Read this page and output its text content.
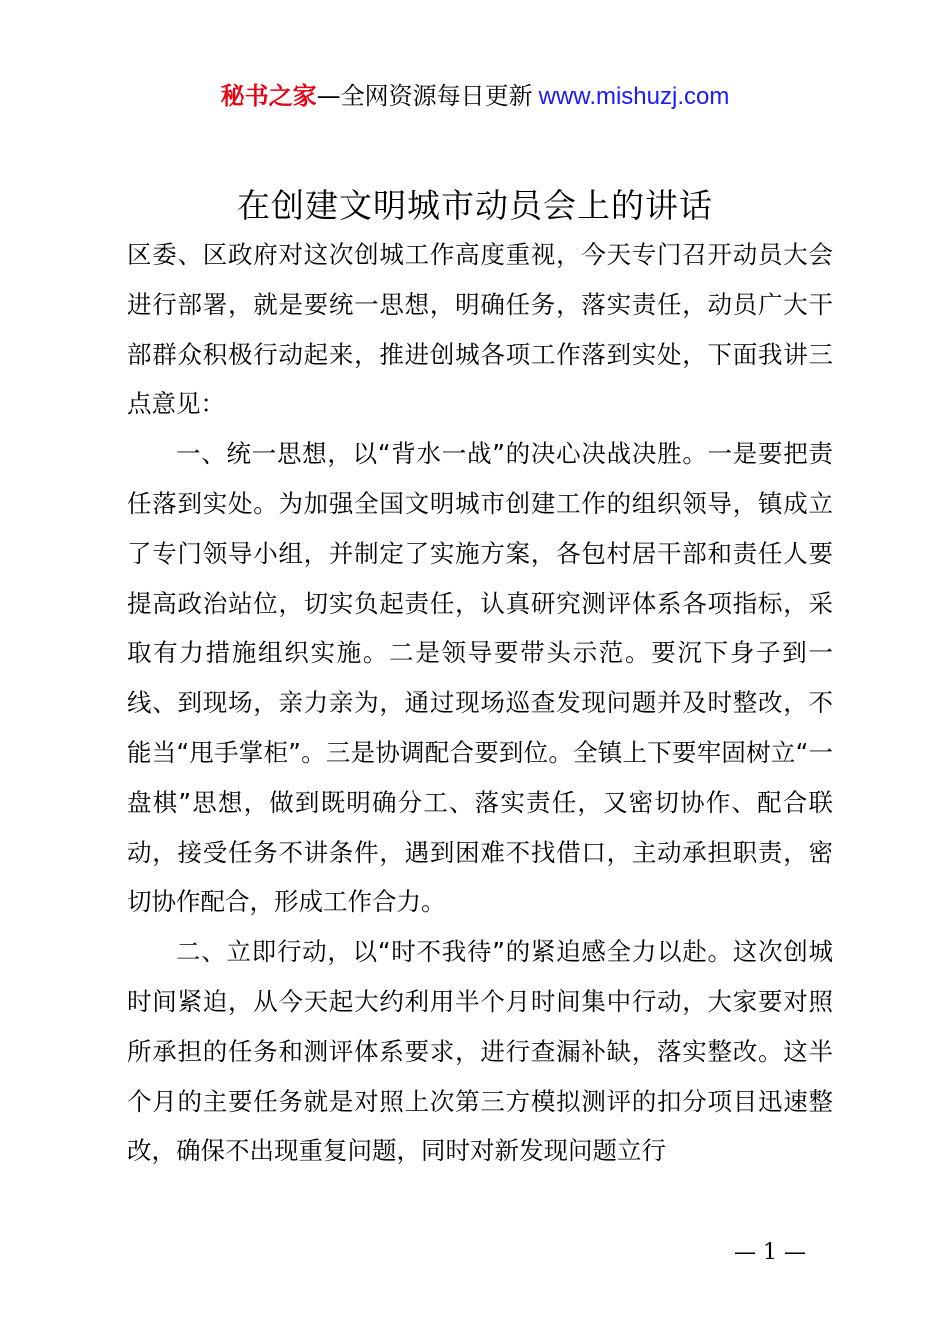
秘书之家—全网资源每日更新 www.mishuzj.com
在创建文明城市动员会上的讲话

区委、区政府对这次创城工作高度重视，今天专门召开动员大会进行部署，就是要统一思想，明确任务，落实责任，动员广大干部群众积极行动起来，推进创城各项工作落到实处，下面我讲三点意见：

一、统一思想，以“背水一战”的决心决战决胜。一是要把责任落到实处。为加强全国文明城市创建工作的组织领导，镇成立了专门领导小组，并制定了实施方案，各包村居干部和责任人要提高政治站位，切实负起责任，认真研究测评体系各项指标，采取有力措施组织实施。二是领导要带头示范。要沉下身子到一线、到现场，亲力亲为，通过现场巡查发现问题并及时整改，不能当“甩手掌柜”。三是协调配合要到位。全镇上下要牢固树立“一盘棋”思想，做到既明确分工、落实责任，又密切协作、配合联动，接受任务不讲条件，遇到困难不找借口，主动承担职责，密切协作配合，形成工作合力。

二、立即行动，以“时不我待”的紧迫感全力以赴。这次创城时间紧迫，从今天起大约利用半个月时间集中行动，大家要对照所承担的任务和测评体系要求，进行查漏补缺，落实整改。这半个月的主要任务就是对照上次第三方模拟测评的扣分项目迅速整改，确保不出现重复问题，同时对新发现问题立行

— 1 —
